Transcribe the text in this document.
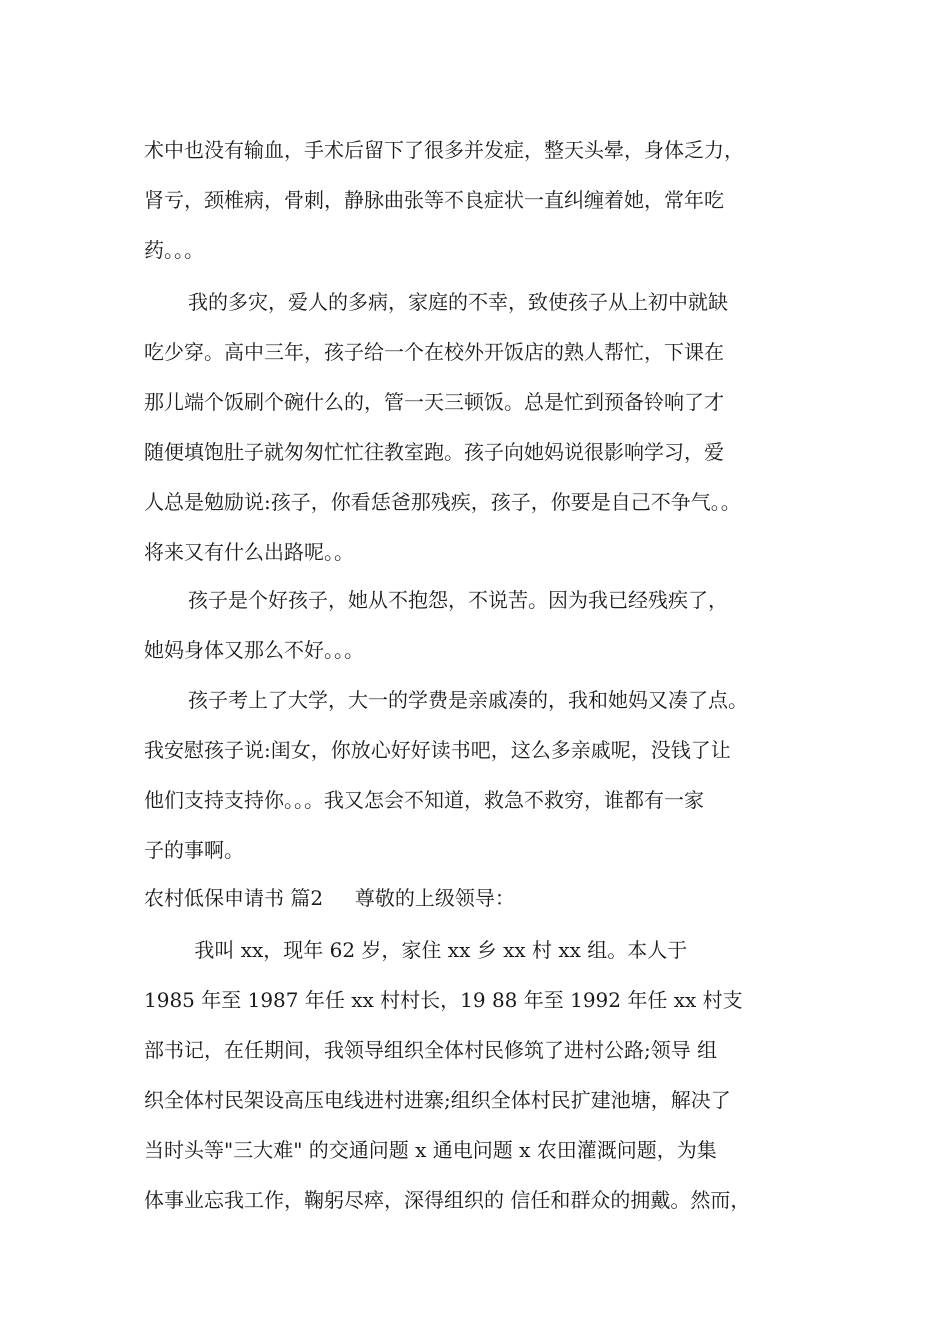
术中也没有输血，手术后留下了很多并发症，整天头晕，身体乏力，
肾亏，颈椎病，骨刺，静脉曲张等不良症状一直纠缠着她，常年吃
药。。。
我的多灾，爱人的多病，家庭的不幸，致使孩子从上初中就缺
吃少穿。高中三年，孩子给一个在校外开饭店的熟人帮忙，下课在
那儿端个饭刷个碗什么的，管一天三顿饭。总是忙到预备铃响了才
随便填饱肚子就匆匆忙忙往教室跑。孩子向她妈说很影响学习，爱
人总是勉励说:孩子，你看恁爸那残疾，孩子，你要是自己不争气。。
将来又有什么出路呢。。
孩子是个好孩子，她从不抱怨，不说苦。因为我已经残疾了，
她妈身体又那么不好。。。
孩子考上了大学，大一的学费是亲戚凑的，我和她妈又凑了点。
我安慰孩子说:闺女，你放心好好读书吧，这么多亲戚呢，没钱了让
他们支持支持你。。。我又怎会不知道，救急不救穷，谁都有一家
子的事啊。
农村低保申请书 篇2     尊敬的上级领导：
我叫 xx，现年 62 岁，家住 xx 乡 xx 村 xx 组。本人于
1985 年至 1987 年任 xx 村村长，19 88 年至 1992 年任 xx 村支
部书记，在任期间，我领导组织全体村民修筑了进村公路;领导 组
织全体村民架设高压电线进村进寨;组织全体村民扩建池塘，解决了
当时头等"三大难" 的交通问题 x 通电问题 x 农田灌溉问题，为集
体事业忘我工作，鞠躬尽瘁，深得组织的 信任和群众的拥戴。然而，
